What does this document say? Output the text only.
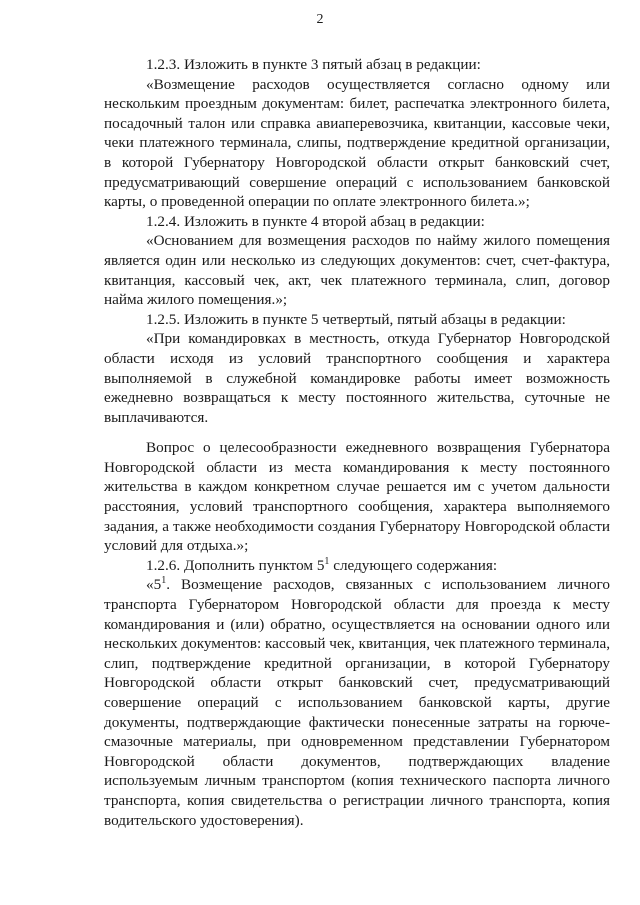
2

1.2.3. Изложить в пункте 3 пятый абзац в редакции:

«Возмещение расходов осуществляется согласно одному или нескольким проездным документам: билет, распечатка электронного билета, посадочный талон или справка авиаперевозчика, квитанции, кассовые чеки, чеки платежного терминала, слипы, подтверждение кредитной организации, в которой Губернатору Новгородской области открыт банковский счет, предусматривающий совершение операций с использованием банковской карты, о проведенной операции по оплате электронного билета.»;

1.2.4. Изложить в пункте 4 второй абзац в редакции:

«Основанием для возмещения расходов по найму жилого помещения является один или несколько из следующих документов: счет, счет-фактура, квитанция, кассовый чек, акт, чек платежного терминала, слип, договор найма жилого помещения.»;

1.2.5. Изложить в пункте 5 четвертый, пятый абзацы в редакции:

«При командировках в местность, откуда Губернатор Новгородской области исходя из условий транспортного сообщения и характера выполняемой в служебной командировке работы имеет возможность ежедневно возвращаться к месту постоянного жительства, суточные не выплачиваются.

Вопрос о целесообразности ежедневного возвращения Губернатора Новгородской области из места командирования к месту постоянного жительства в каждом конкретном случае решается им с учетом дальности расстояния, условий транспортного сообщения, характера выполняемого задания, а также необходимости создания Губернатору Новгородской области условий для отдыха.»;

1.2.6. Дополнить пунктом $5^1$ следующего содержания:

«$5^1$. Возмещение расходов, связанных с использованием личного транспорта Губернатором Новгородской области для проезда к месту командирования и (или) обратно, осуществляется на основании одного или нескольких документов: кассовый чек, квитанция, чек платежного терминала, слип, подтверждение кредитной организации, в которой Губернатору Новгородской области открыт банковский счет, предусматривающий совершение операций с использованием банковской карты, другие документы, подтверждающие фактически понесенные затраты на горючесмазочные материалы, при одновременном представлении Губернатором Новгородской области документов, подтверждающих владение используемым личным транспортом (копия технического паспорта личного транспорта, копия свидетельства о регистрации личного транспорта, копия водительского удостоверения).
